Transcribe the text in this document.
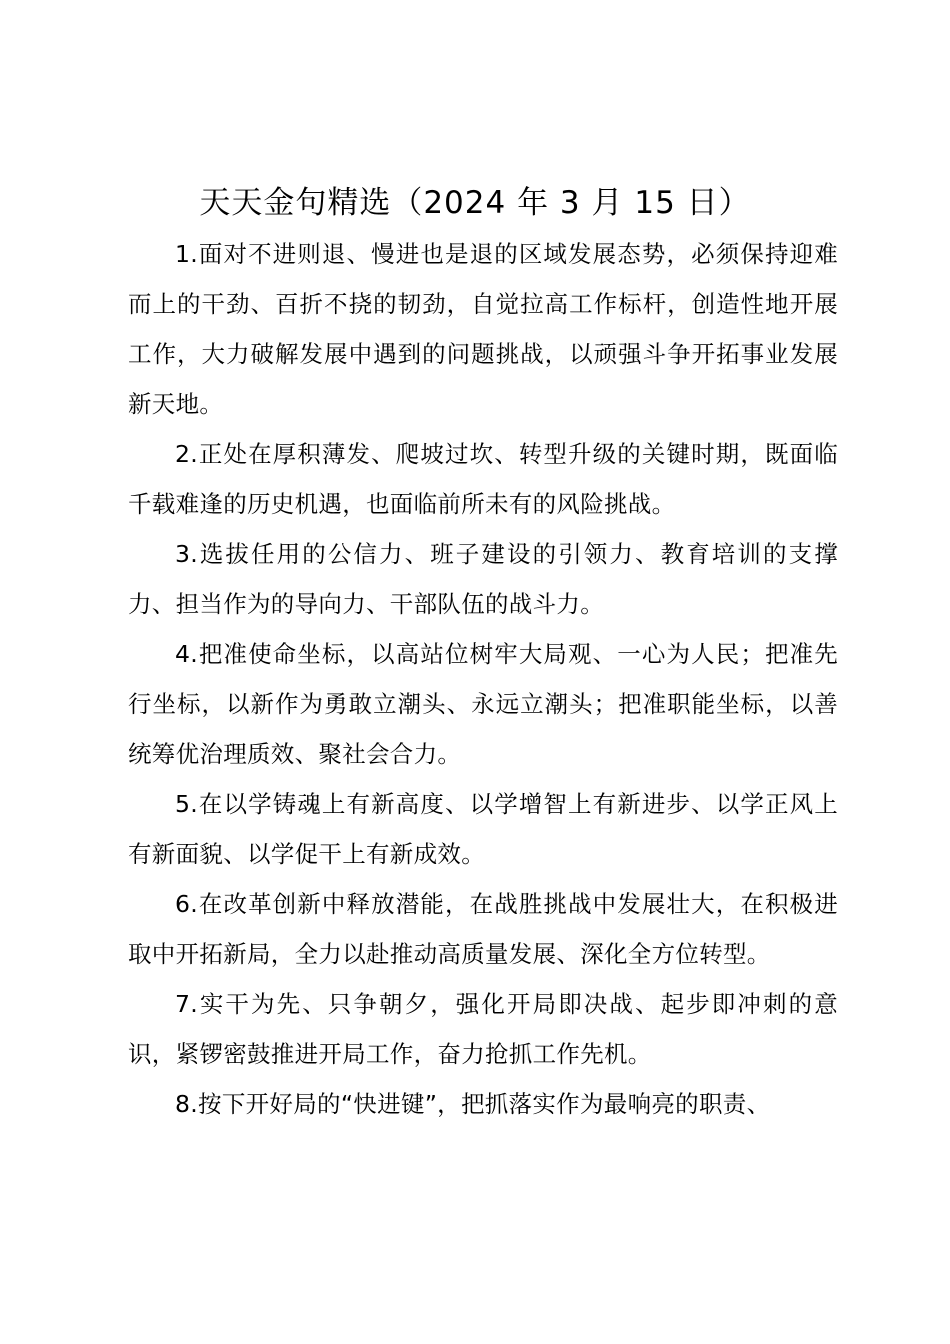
天天金句精选（2024 年 3 月 15 日）

1.面对不进则退、慢进也是退的区域发展态势，必须保持迎难而上的干劲、百折不挠的韧劲，自觉拉高工作标杆，创造性地开展工作，大力破解发展中遇到的问题挑战，以顽强斗争开拓事业发展新天地。

2.正处在厚积薄发、爬坡过坎、转型升级的关键时期，既面临千载难逢的历史机遇，也面临前所未有的风险挑战。

3.选拔任用的公信力、班子建设的引领力、教育培训的支撑力、担当作为的导向力、干部队伍的战斗力。

4.把准使命坐标，以高站位树牢大局观、一心为人民；把准先行坐标，以新作为勇敢立潮头、永远立潮头；把准职能坐标，以善统筹优治理质效、聚社会合力。

5.在以学铸魂上有新高度、以学增智上有新进步、以学正风上有新面貌、以学促干上有新成效。

6.在改革创新中释放潜能，在战胜挑战中发展壮大，在积极进取中开拓新局，全力以赴推动高质量发展、深化全方位转型。

7.实干为先、只争朝夕，强化开局即决战、起步即冲刺的意识，紧锣密鼓推进开局工作，奋力抢抓工作先机。

8.按下开好局的“快进键”，把抓落实作为最响亮的职责、
